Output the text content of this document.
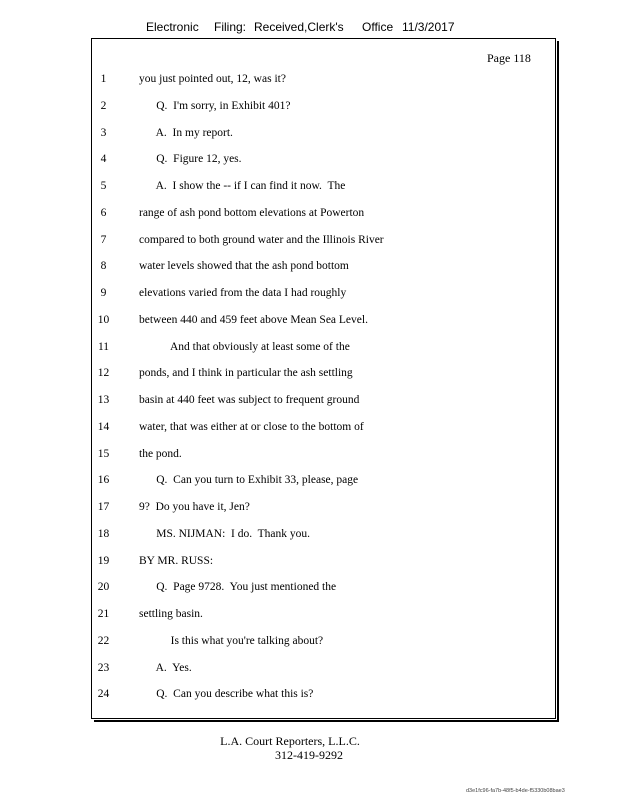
Electronic Filing: Received,Clerk's Office 11/3/2017
Page 118
1	you just pointed out, 12, was it?
2	Q.  I'm sorry, in Exhibit 401?
3	A.  In my report.
4	Q.  Figure 12, yes.
5	A.  I show the -- if I can find it now.  The
6	range of ash pond bottom elevations at Powerton
7	compared to both ground water and the Illinois River
8	water levels showed that the ash pond bottom
9	elevations varied from the data I had roughly
10	between 440 and 459 feet above Mean Sea Level.
11	And that obviously at least some of the
12	ponds, and I think in particular the ash settling
13	basin at 440 feet was subject to frequent ground
14	water, that was either at or close to the bottom of
15	the pond.
16	Q.  Can you turn to Exhibit 33, please, page
17	9?  Do you have it, Jen?
18	MS. NIJMAN:  I do.  Thank you.
19	BY MR. RUSS:
20	Q.  Page 9728.  You just mentioned the
21	settling basin.
22	Is this what you're talking about?
23	A.  Yes.
24	Q.  Can you describe what this is?
L.A. Court Reporters, L.L.C.
312-419-9292
d3e1fc96-fa7b-48f5-b4de-f5330b08bae3
